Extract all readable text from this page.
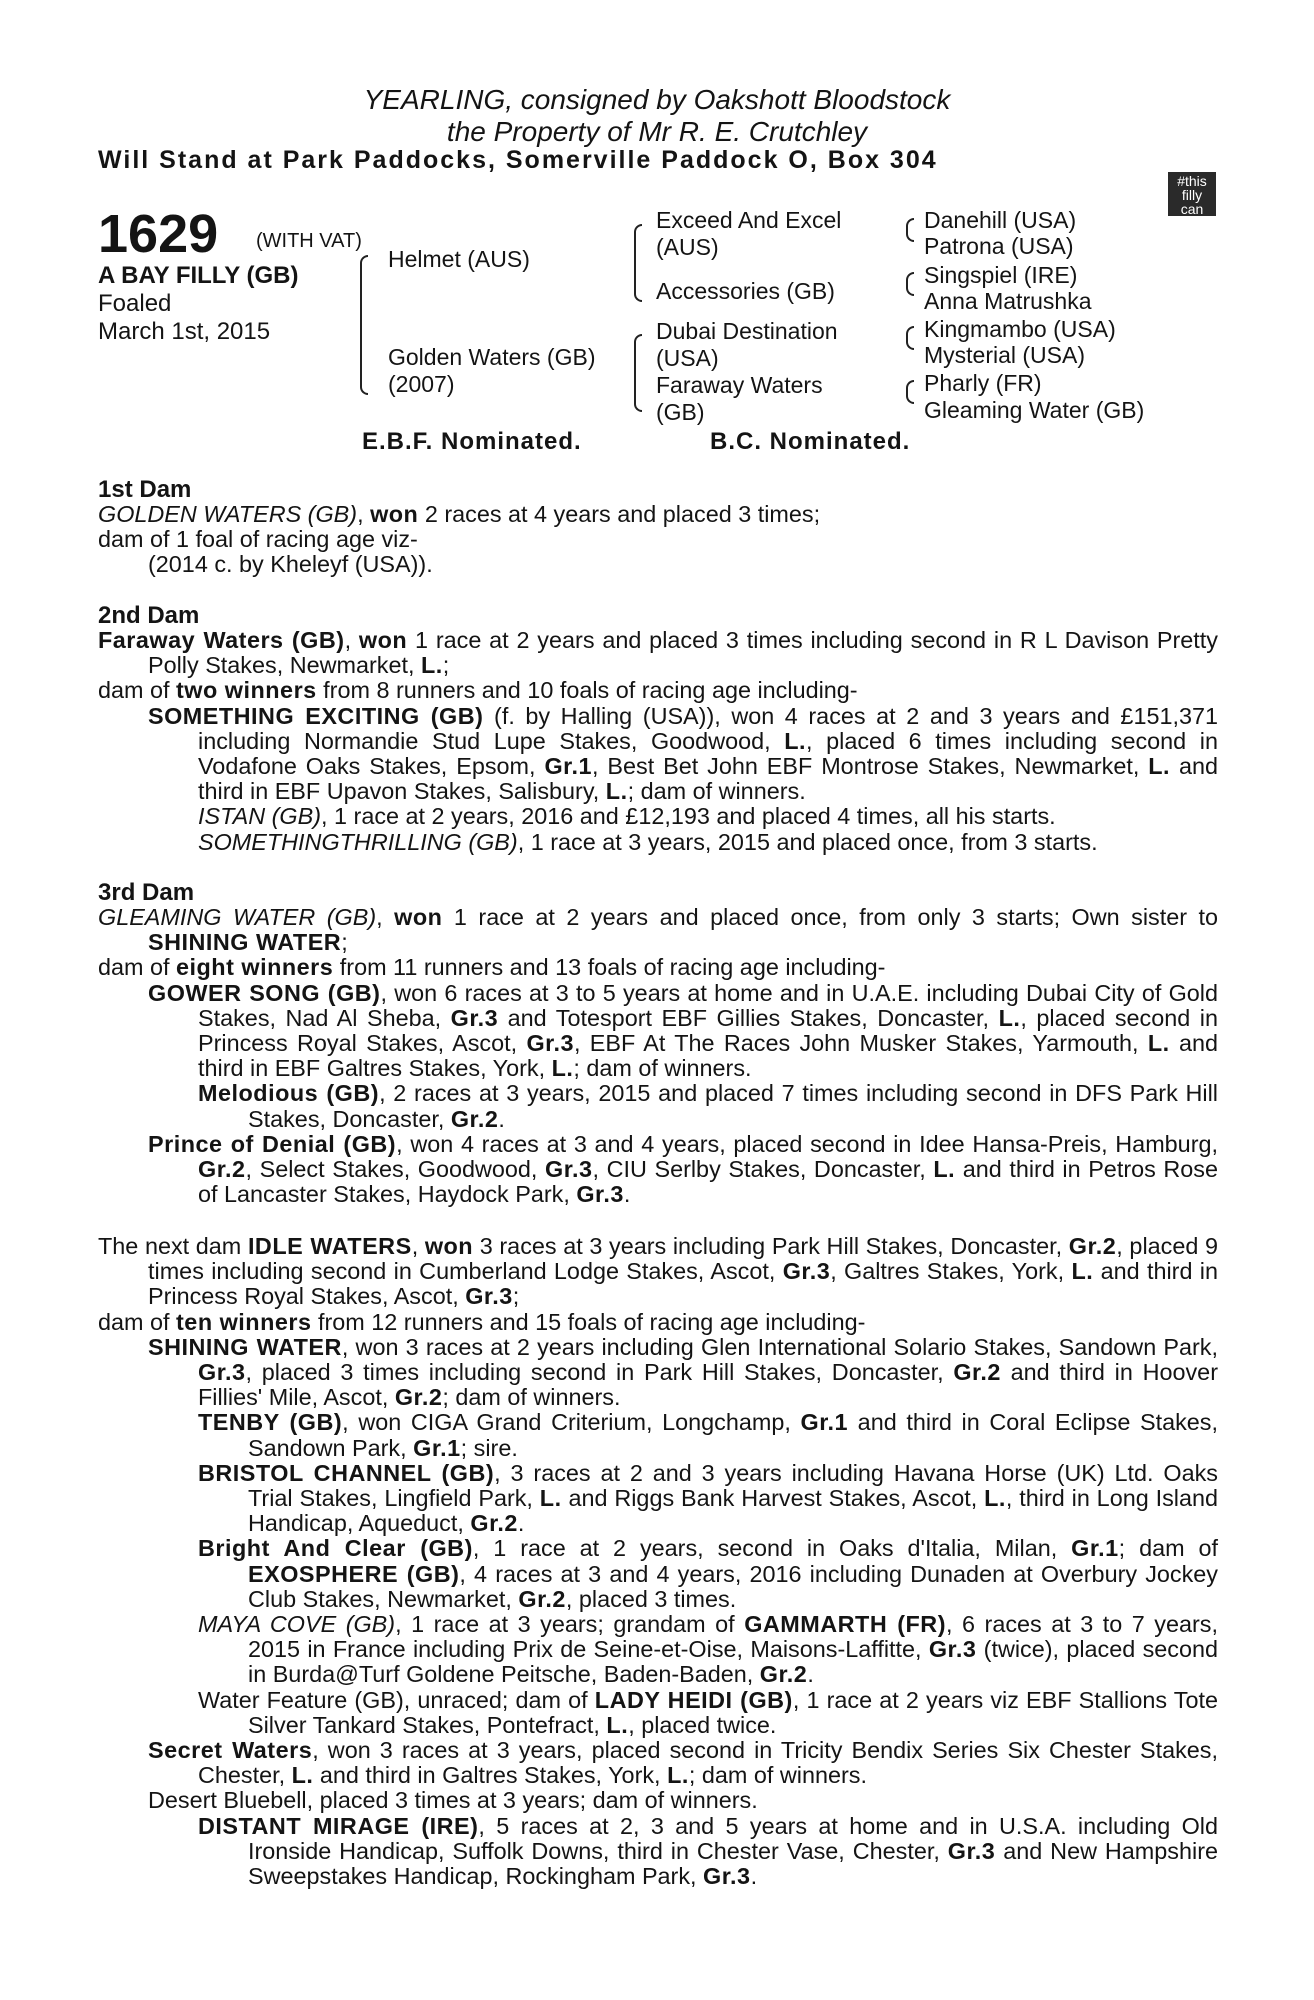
YEARLING, consigned by Oakshott Bloodstock
the Property of Mr R. E. Crutchley
Will Stand at Park Paddocks, Somerville Paddock O, Box 304
#this
filly
can
1629 (WITH VAT)
A BAY FILLY (GB)
Foaled
March 1st, 2015
Helmet (AUS)
Golden Waters (GB)
(2007)
Exceed And Excel
(AUS)
Accessories (GB)
Dubai Destination
(USA)
Faraway Waters
(GB)
Danehill (USA)
Patrona (USA)
Singspiel (IRE)
Anna Matrushka
Kingmambo (USA)
Mysterial (USA)
Pharly (FR)
Gleaming Water (GB)
E.B.F. Nominated.	B.C. Nominated.
1st Dam

GOLDEN WATERS (GB), won 2 races at 4 years and placed 3 times;

dam of 1 foal of racing age viz-

(2014 c. by Kheleyf (USA)).

2nd Dam

Faraway Waters (GB), won 1 race at 2 years and placed 3 times including second in R L Davison Pretty Polly Stakes, Newmarket, L.;

dam of two winners from 8 runners and 10 foals of racing age including-

SOMETHING EXCITING (GB) (f. by Halling (USA)), won 4 races at 2 and 3 years and £151,371 including Normandie Stud Lupe Stakes, Goodwood, L., placed 6 times including second in Vodafone Oaks Stakes, Epsom, Gr.1, Best Bet John EBF Montrose Stakes, Newmarket, L. and third in EBF Upavon Stakes, Salisbury, L.; dam of winners.

ISTAN (GB), 1 race at 2 years, 2016 and £12,193 and placed 4 times, all his starts.

SOMETHINGTHRILLING (GB), 1 race at 3 years, 2015 and placed once, from 3 starts.

3rd Dam

GLEAMING WATER (GB), won 1 race at 2 years and placed once, from only 3 starts; Own sister to SHINING WATER;

dam of eight winners from 11 runners and 13 foals of racing age including-

GOWER SONG (GB), won 6 races at 3 to 5 years at home and in U.A.E. including Dubai City of Gold Stakes, Nad Al Sheba, Gr.3 and Totesport EBF Gillies Stakes, Doncaster, L., placed second in Princess Royal Stakes, Ascot, Gr.3, EBF At The Races John Musker Stakes, Yarmouth, L. and third in EBF Galtres Stakes, York, L.; dam of winners.

Melodious (GB), 2 races at 3 years, 2015 and placed 7 times including second in DFS Park Hill Stakes, Doncaster, Gr.2.

Prince of Denial (GB), won 4 races at 3 and 4 years, placed second in Idee Hansa-Preis, Hamburg, Gr.2, Select Stakes, Goodwood, Gr.3, CIU Serlby Stakes, Doncaster, L. and third in Petros Rose of Lancaster Stakes, Haydock Park, Gr.3.

The next dam IDLE WATERS, won 3 races at 3 years including Park Hill Stakes, Doncaster, Gr.2, placed 9 times including second in Cumberland Lodge Stakes, Ascot, Gr.3, Galtres Stakes, York, L. and third in Princess Royal Stakes, Ascot, Gr.3;

dam of ten winners from 12 runners and 15 foals of racing age including-

SHINING WATER, won 3 races at 2 years including Glen International Solario Stakes, Sandown Park, Gr.3, placed 3 times including second in Park Hill Stakes, Doncaster, Gr.2 and third in Hoover Fillies' Mile, Ascot, Gr.2; dam of winners.

TENBY (GB), won CIGA Grand Criterium, Longchamp, Gr.1 and third in Coral Eclipse Stakes, Sandown Park, Gr.1; sire.

BRISTOL CHANNEL (GB), 3 races at 2 and 3 years including Havana Horse (UK) Ltd. Oaks Trial Stakes, Lingfield Park, L. and Riggs Bank Harvest Stakes, Ascot, L., third in Long Island Handicap, Aqueduct, Gr.2.

Bright And Clear (GB), 1 race at 2 years, second in Oaks d'Italia, Milan, Gr.1; dam of EXOSPHERE (GB), 4 races at 3 and 4 years, 2016 including Dunaden at Overbury Jockey Club Stakes, Newmarket, Gr.2, placed 3 times.

MAYA COVE (GB), 1 race at 3 years; grandam of GAMMARTH (FR), 6 races at 3 to 7 years, 2015 in France including Prix de Seine-et-Oise, Maisons-Laffitte, Gr.3 (twice), placed second in Burda@Turf Goldene Peitsche, Baden-Baden, Gr.2.

Water Feature (GB), unraced; dam of LADY HEIDI (GB), 1 race at 2 years viz EBF Stallions Tote Silver Tankard Stakes, Pontefract, L., placed twice.

Secret Waters, won 3 races at 3 years, placed second in Tricity Bendix Series Six Chester Stakes, Chester, L. and third in Galtres Stakes, York, L.; dam of winners.

Desert Bluebell, placed 3 times at 3 years; dam of winners.

DISTANT MIRAGE (IRE), 5 races at 2, 3 and 5 years at home and in U.S.A. including Old Ironside Handicap, Suffolk Downs, third in Chester Vase, Chester, Gr.3 and New Hampshire Sweepstakes Handicap, Rockingham Park, Gr.3.
